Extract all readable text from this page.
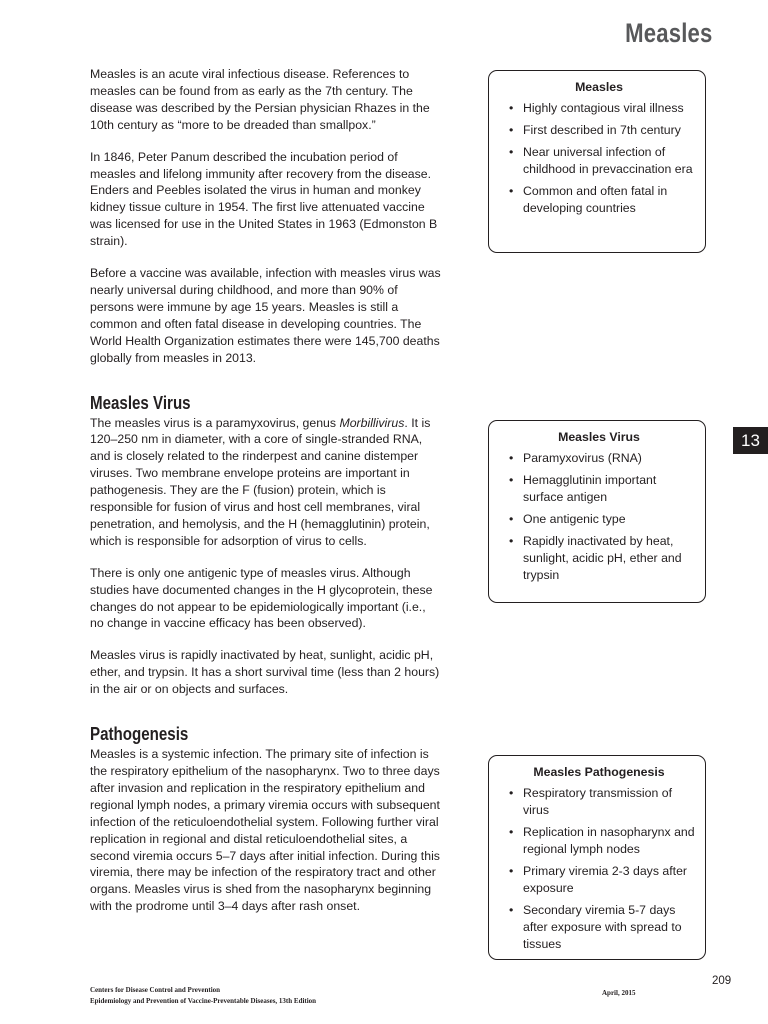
Measles

Measles is an acute viral infectious disease. References to measles can be found from as early as the 7th century. The disease was described by the Persian physician Rhazes in the 10th century as “more to be dreaded than smallpox.”

In 1846, Peter Panum described the incubation period of measles and lifelong immunity after recovery from the disease. Enders and Peebles isolated the virus in human and monkey kidney tissue culture in 1954. The first live attenuated vaccine was licensed for use in the United States in 1963 (Edmonston B strain).

Before a vaccine was available, infection with measles virus was nearly universal during childhood, and more than 90% of persons were immune by age 15 years. Measles is still a common and often fatal disease in developing countries. The World Health Organization estimates there were 145,700 deaths globally from measles in 2013.

Measles Virus

The measles virus is a paramyxovirus, genus Morbillivirus. It is 120–250 nm in diameter, with a core of single-stranded RNA, and is closely related to the rinderpest and canine distemper viruses. Two membrane envelope proteins are important in pathogenesis. They are the F (fusion) protein, which is responsible for fusion of virus and host cell membranes, viral penetration, and hemolysis, and the H (hemagglutinin) protein, which is responsible for adsorption of virus to cells.

There is only one antigenic type of measles virus. Although studies have documented changes in the H glycoprotein, these changes do not appear to be epidemiologically important (i.e., no change in vaccine efficacy has been observed).

Measles virus is rapidly inactivated by heat, sunlight, acidic pH, ether, and trypsin. It has a short survival time (less than 2 hours) in the air or on objects and surfaces.

Pathogenesis

Measles is a systemic infection. The primary site of infection is the respiratory epithelium of the nasopharynx. Two to three days after invasion and replication in the respiratory epithelium and regional lymph nodes, a primary viremia occurs with subsequent infection of the reticuloendothelial system. Following further viral replication in regional and distal reticuloendothelial sites, a second viremia occurs 5–7 days after initial infection. During this viremia, there may be infection of the respiratory tract and other organs. Measles virus is shed from the nasopharynx beginning with the prodrome until 3–4 days after rash onset.

Measles
• Highly contagious viral illness
• First described in 7th century
• Near universal infection of childhood in prevaccination era
• Common and often fatal in developing countries
Measles Virus
• Paramyxovirus (RNA)
• Hemagglutinin important surface antigen
• One antigenic type
• Rapidly inactivated by heat, sunlight, acidic pH, ether and trypsin
Measles Pathogenesis
• Respiratory transmission of virus
• Replication in nasopharynx and regional lymph nodes
• Primary viremia 2-3 days after exposure
• Secondary viremia 5-7 days after exposure with spread to tissues
13
209
Centers for Disease Control and Prevention
Epidemiology and Prevention of Vaccine-Preventable Diseases, 13th Edition
April, 2015
